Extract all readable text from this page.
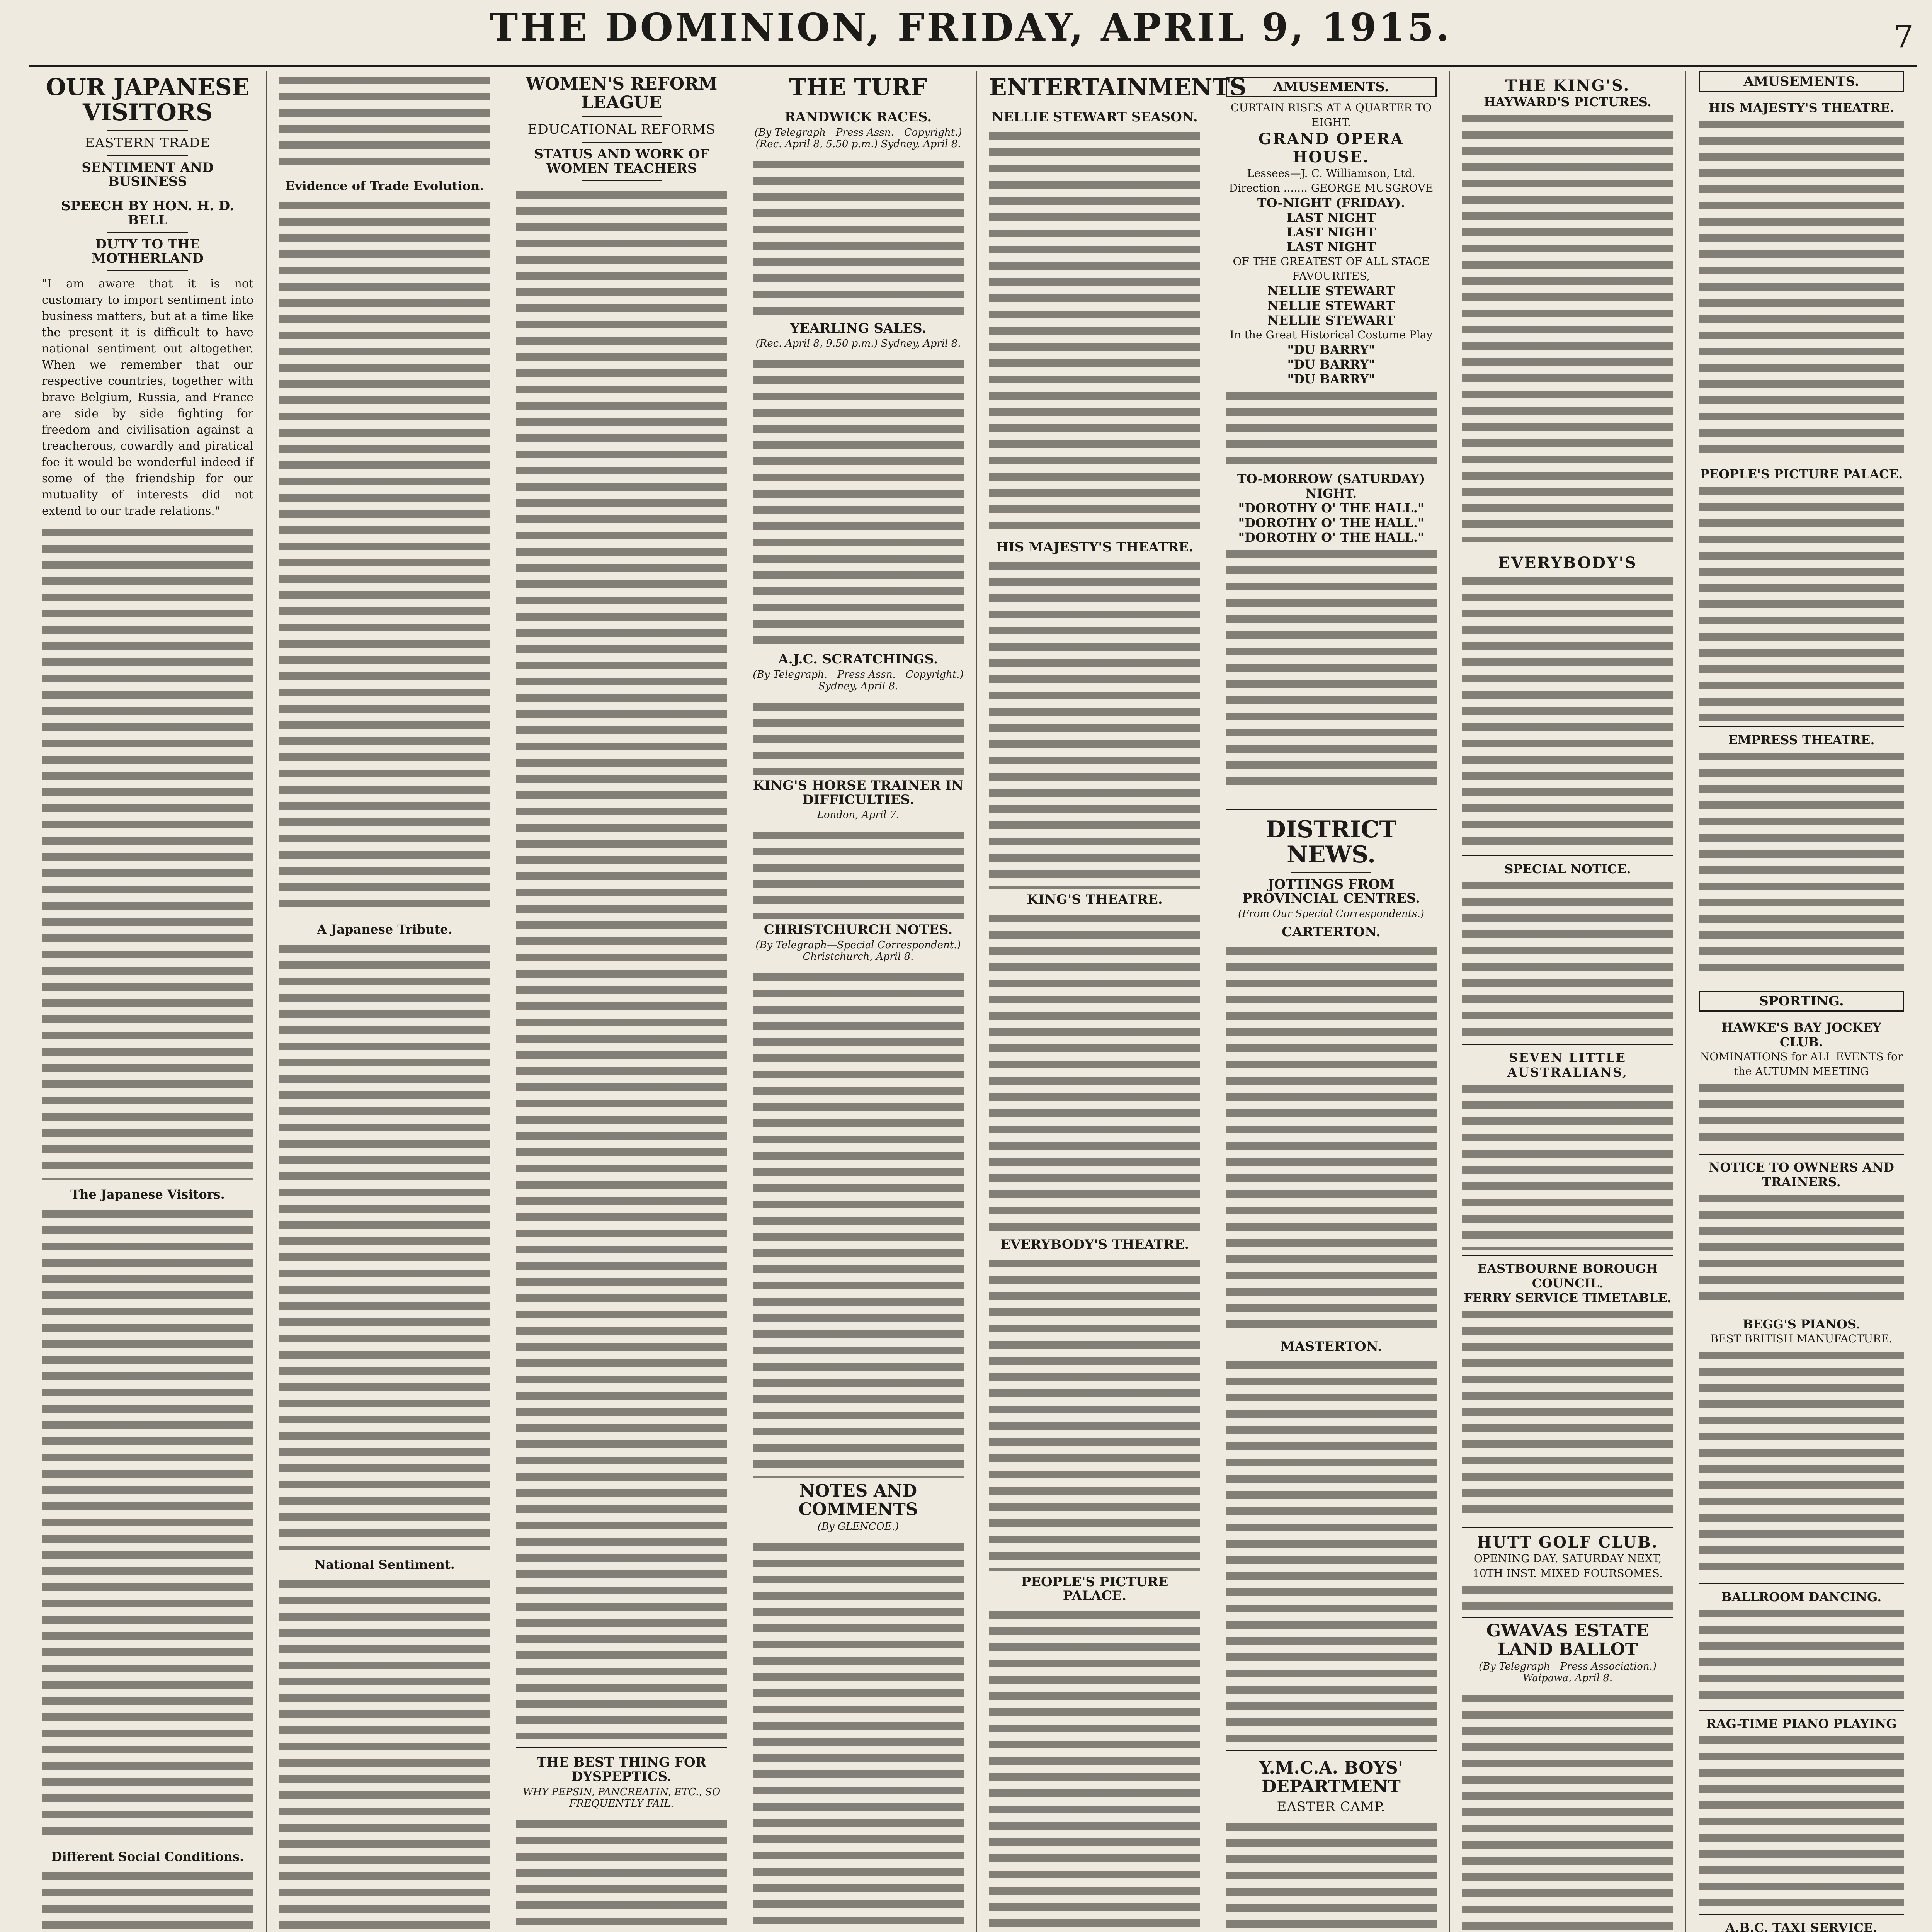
THE DOMINION, FRIDAY, APRIL 9, 1915.	7
OUR JAPANESE VISITORS
EASTERN TRADE
SENTIMENT AND BUSINESS
SPEECH BY HON. H. D. BELL
DUTY TO THE MOTHERLAND
"I am aware that it is not customary to import sentiment into business matters, but at a time like the present it is difficult to have national sentiment out altogether. When we remember that our respective countries, together with brave Belgium, Russia, and France are side by side fighting for freedom and civilisation against a treacherous, cowardly and piratical foe it would be wonderful indeed if some of the friendship for our mutuality of interests did not extend to our trade relations."
The Japanese Visitors.
Different Social Conditions.
Evidence of Trade Evolution.
A Japanese Tribute.
National Sentiment.
WOMEN'S REFORM LEAGUE
EDUCATIONAL REFORMS
STATUS AND WORK OF WOMEN TEACHERS
THE BEST THING FOR DYSPEPTICS.
WHY PEPSIN, PANCREATIN, ETC., SO FREQUENTLY FAIL.
THE TURF
RANDWICK RACES.
(By Telegraph—Press Assn.—Copyright.) (Rec. April 8, 5.50 p.m.) Sydney, April 8.
YEARLING SALES.
(Rec. April 8, 9.50 p.m.) Sydney, April 8.
A.J.C. SCRATCHINGS.
(By Telegraph.—Press Assn.—Copyright.) Sydney, April 8.
KING'S HORSE TRAINER IN DIFFICULTIES.
London, April 7.
CHRISTCHURCH NOTES.
(By Telegraph—Special Correspondent.) Christchurch, April 8.
NOTES AND COMMENTS
(By GLENCOE.)
ENTERTAINMENTS
NELLIE STEWART SEASON.
HIS MAJESTY'S THEATRE.
KING'S THEATRE.
EVERYBODY'S THEATRE.
PEOPLE'S PICTURE PALACE.
AMUSEMENTS.
CURTAIN RISES AT A QUARTER TO EIGHT.
GRAND OPERA HOUSE.
Lessees—J. C. Williamson, Ltd.
Direction ....... GEORGE MUSGROVE
TO-NIGHT (FRIDAY).
LAST NIGHT
LAST NIGHT
LAST NIGHT
OF THE GREATEST OF ALL STAGE FAVOURITES,
NELLIE STEWART
NELLIE STEWART
NELLIE STEWART
In the Great Historical Costume Play
"DU BARRY"
"DU BARRY"
"DU BARRY"
TO-MORROW (SATURDAY) NIGHT.
"DOROTHY O' THE HALL."
"DOROTHY O' THE HALL."
"DOROTHY O' THE HALL."
DISTRICT NEWS.
JOTTINGS FROM PROVINCIAL CENTRES.
(From Our Special Correspondents.)
CARTERTON.
MASTERTON.
Y.M.C.A. BOYS' DEPARTMENT
EASTER CAMP.
THE KING'S.
HAYWARD'S PICTURES.
EVERYBODY'S
SPECIAL NOTICE.
SEVEN LITTLE AUSTRALIANS,
EASTBOURNE BOROUGH COUNCIL.
FERRY SERVICE TIMETABLE.
HUTT GOLF CLUB.
OPENING DAY. SATURDAY NEXT, 10TH INST. MIXED FOURSOMES.
GWAVAS ESTATE LAND BALLOT
(By Telegraph—Press Association.) Waipawa, April 8.
AMUSEMENTS.
HIS MAJESTY'S THEATRE.
PEOPLE'S PICTURE PALACE.
EMPRESS THEATRE.
SPORTING.
HAWKE'S BAY JOCKEY CLUB.
NOMINATIONS for ALL EVENTS for the AUTUMN MEETING
NOTICE TO OWNERS AND TRAINERS.
BEGG'S PIANOS.
BEST BRITISH MANUFACTURE.
BALLROOM DANCING.
RAG-TIME PIANO PLAYING
A.B.C. TAXI SERVICE.
